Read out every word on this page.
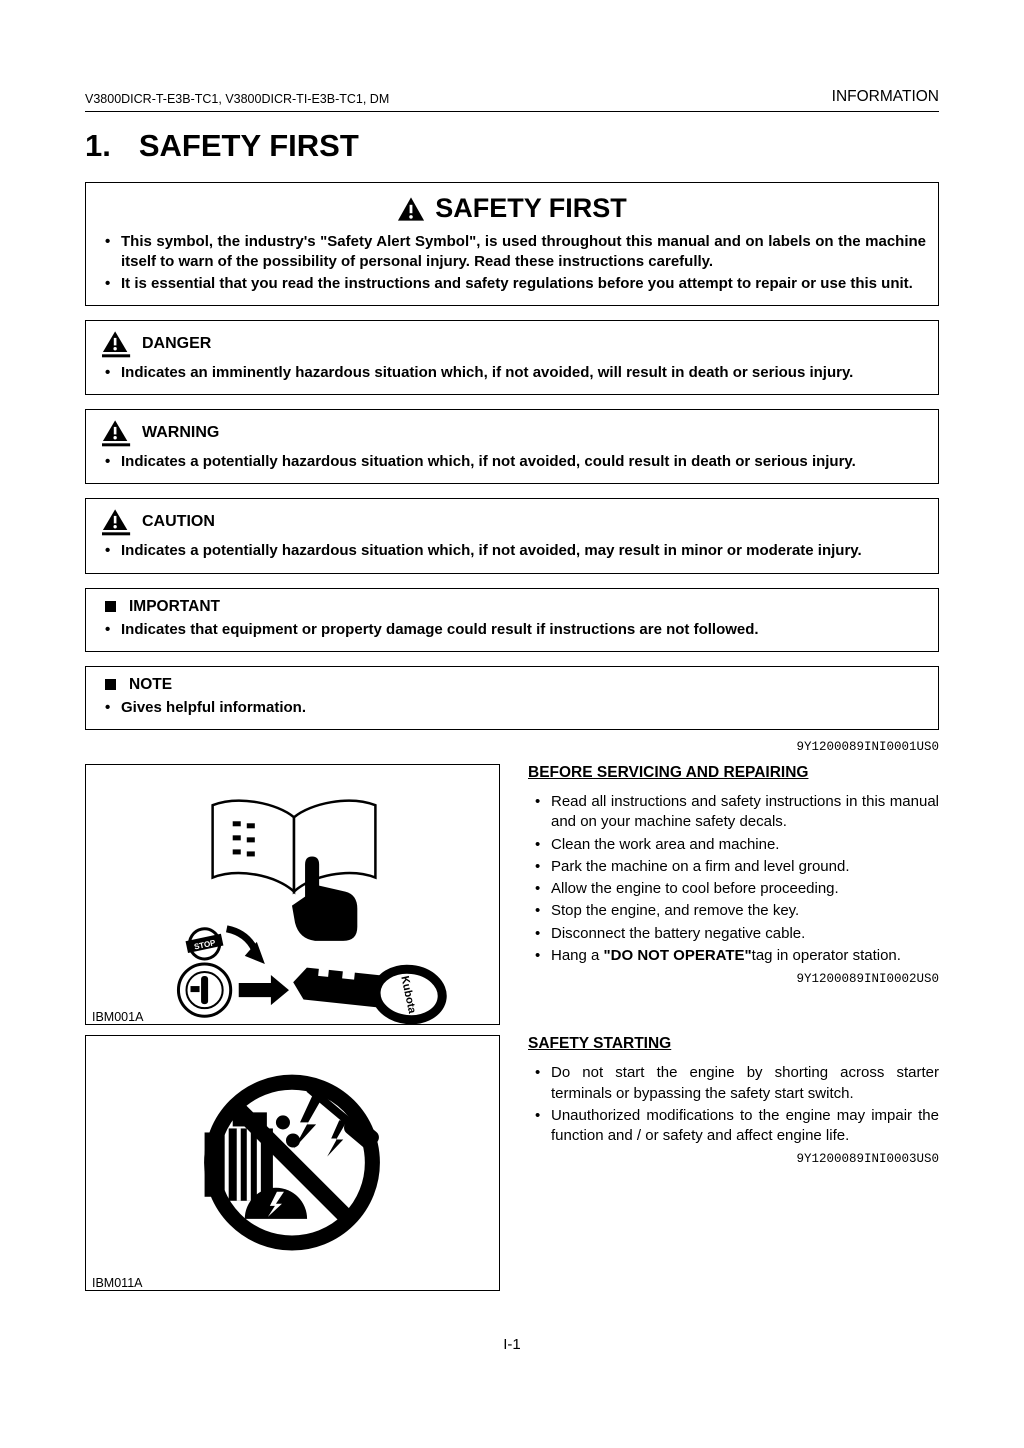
V3800DICR-T-E3B-TC1, V3800DICR-TI-E3B-TC1, DM	INFORMATION
1. SAFETY FIRST
SAFETY FIRST
• This symbol, the industry's "Safety Alert Symbol", is used throughout this manual and on labels on the machine itself to warn of the possibility of personal injury. Read these instructions carefully.
• It is essential that you read the instructions and safety regulations before you attempt to repair or use this unit.
DANGER
• Indicates an imminently hazardous situation which, if not avoided, will result in death or serious injury.
WARNING
• Indicates a potentially hazardous situation which, if not avoided, could result in death or serious injury.
CAUTION
• Indicates a potentially hazardous situation which, if not avoided, may result in minor or moderate injury.
IMPORTANT
• Indicates that equipment or property damage could result if instructions are not followed.
NOTE
• Gives helpful information.
9Y1200089INI0001US0
STOP
Kubota
IBM001A
BEFORE SERVICING AND REPAIRING
• Read all instructions and safety instructions in this manual and on your machine safety decals.
• Clean the work area and machine.
• Park the machine on a firm and level ground.
• Allow the engine to cool before proceeding.
• Stop the engine, and remove the key.
• Disconnect the battery negative cable.
• Hang a "DO NOT OPERATE"tag in operator station.
9Y1200089INI0002US0
IBM011A
SAFETY STARTING
• Do not start the engine by shorting across starter terminals or bypassing the safety start switch.
• Unauthorized modifications to the engine may impair the function and / or safety and affect engine life.
9Y1200089INI0003US0
I-1
